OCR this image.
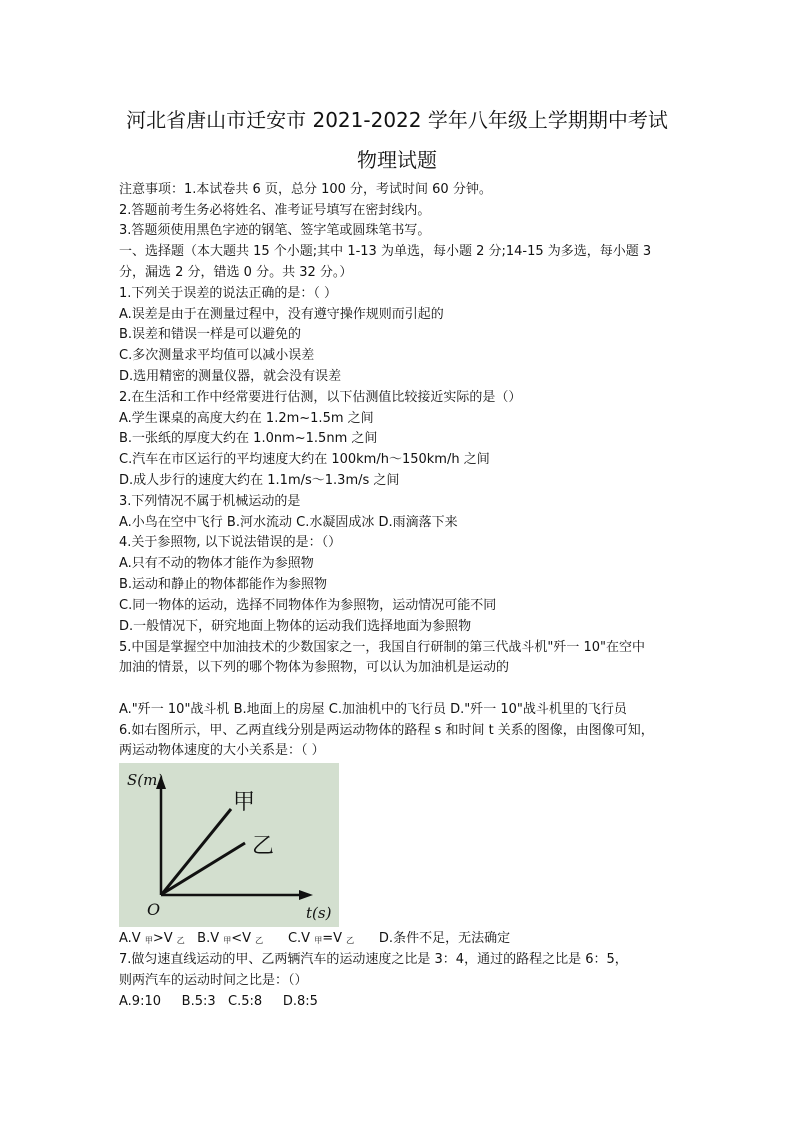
河北省唐山市迁安市 2021-2022 学年八年级上学期期中考试
物理试题
注意事项：1.本试卷共 6 页，总分 100 分，考试时间 60 分钟。
2.答题前考生务必将姓名、准考证号填写在密封线内。
3.答题须使用黑色字迹的钢笔、签字笔或圆珠笔书写。
一、选择题（本大题共 15 个小题;其中 1-13 为单选，每小题 2 分;14-15 为多选，每小题 3
分，漏选 2 分，错选 0 分。共 32 分。）
1.下列关于误差的说法正确的是：（ ）
A.误差是由于在测量过程中，没有遵守操作规则而引起的
B.误差和错误一样是可以避免的
C.多次测量求平均值可以减小误差
D.选用精密的测量仪器，就会没有误差
2.在生活和工作中经常要进行估测，以下估测值比较接近实际的是（）
A.学生课桌的高度大约在 1.2m~1.5m 之间
B.一张纸的厚度大约在 1.0nm~1.5nm 之间
C.汽车在市区运行的平均速度大约在 100km/h～150km/h 之间
D.成人步行的速度大约在 1.1m/s～1.3m/s 之间
3.下列情况不属于机械运动的是
A.小鸟在空中飞行 B.河水流动 C.水凝固成冰 D.雨滴落下来
4.关于参照物, 以下说法错误的是：（）
A.只有不动的物体才能作为参照物
B.运动和静止的物体都能作为参照物
C.同一物体的运动，选择不同物体作为参照物，运动情况可能不同
D.一般情况下，研究地面上物体的运动我们选择地面为参照物
5.中国是掌握空中加油技术的少数国家之一，我国自行研制的第三代战斗机"歼一 10"在空中
加油的情景，以下列的哪个物体为参照物，可以认为加油机是运动的
A."歼一 10"战斗机 B.地面上的房屋 C.加油机中的飞行员 D."歼一 10"战斗机里的飞行员
6.如右图所示，甲、乙两直线分别是两运动物体的路程 s 和时间 t 关系的图像，由图像可知，
两运动物体速度的大小关系是：（ ）
S(m)
t(s)
O
甲
乙
A.V $_甲$>V $_乙$ B.V $_甲$<V $_乙$ C.V $_甲$=V $_乙$ D.条件不足，无法确定
7.做匀速直线运动的甲、乙两辆汽车的运动速度之比是 3：4，通过的路程之比是 6：5，
则两汽车的运动时间之比是：（）
A.9:10     B.5:3   C.5:8     D.8:5
